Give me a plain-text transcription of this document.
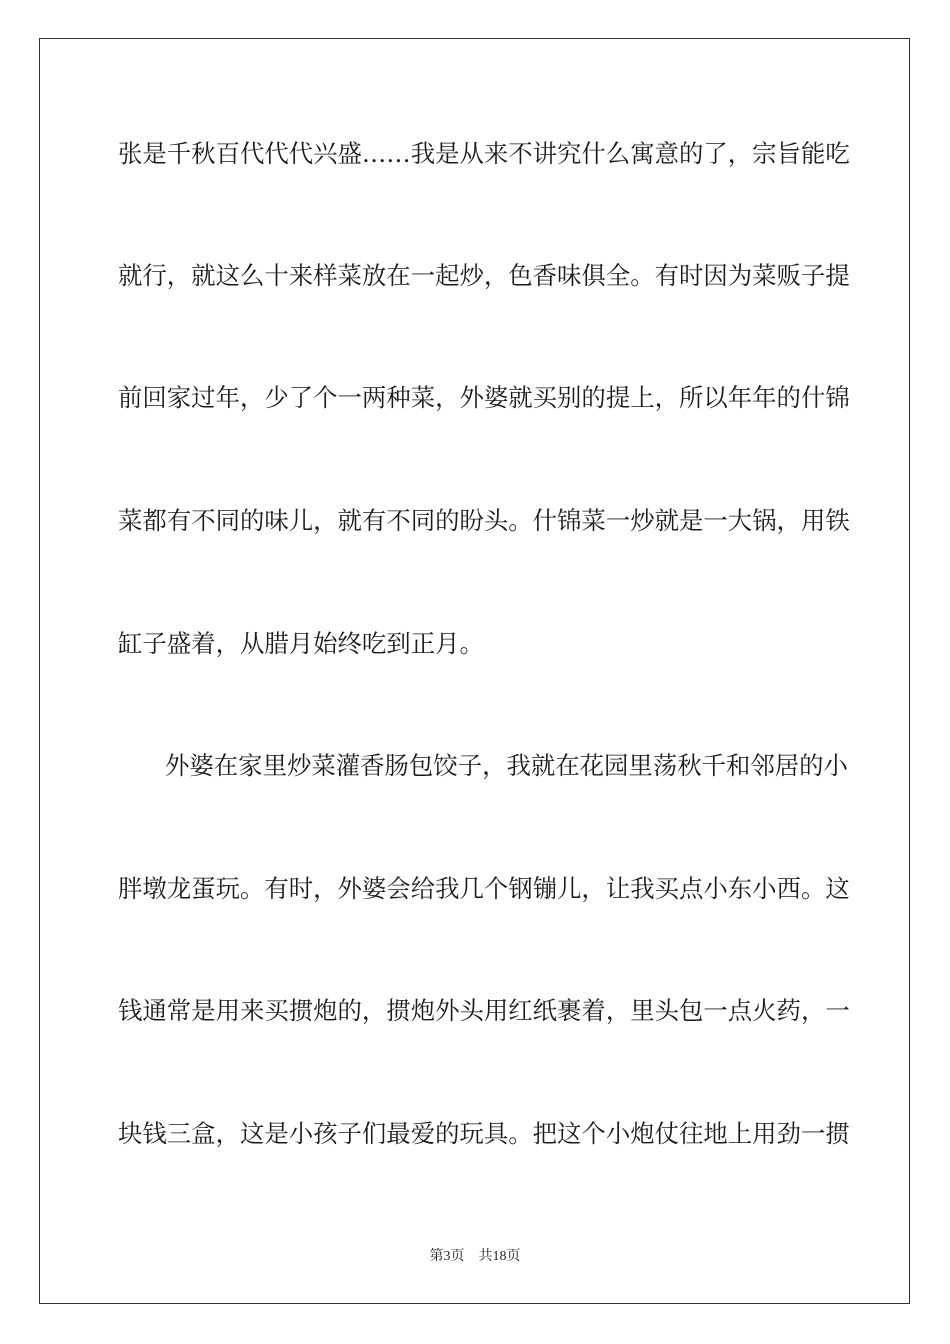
张是千秋百代代代兴盛……我是从来不讲究什么寓意的了，宗旨能吃
就行，就这么十来样菜放在一起炒，色香味俱全。有时因为菜贩子提
前回家过年，少了个一两种菜，外婆就买别的提上，所以年年的什锦
菜都有不同的味儿，就有不同的盼头。什锦菜一炒就是一大锅，用铁
缸子盛着，从腊月始终吃到正月。
外婆在家里炒菜灌香肠包饺子，我就在花园里荡秋千和邻居的小
胖墩龙蛋玩。有时，外婆会给我几个钢镚儿，让我买点小东小西。这
钱通常是用来买掼炮的，掼炮外头用红纸裹着，里头包一点火药，一
块钱三盒，这是小孩子们最爱的玩具。把这个小炮仗往地上用劲一掼
第3页 共18页
